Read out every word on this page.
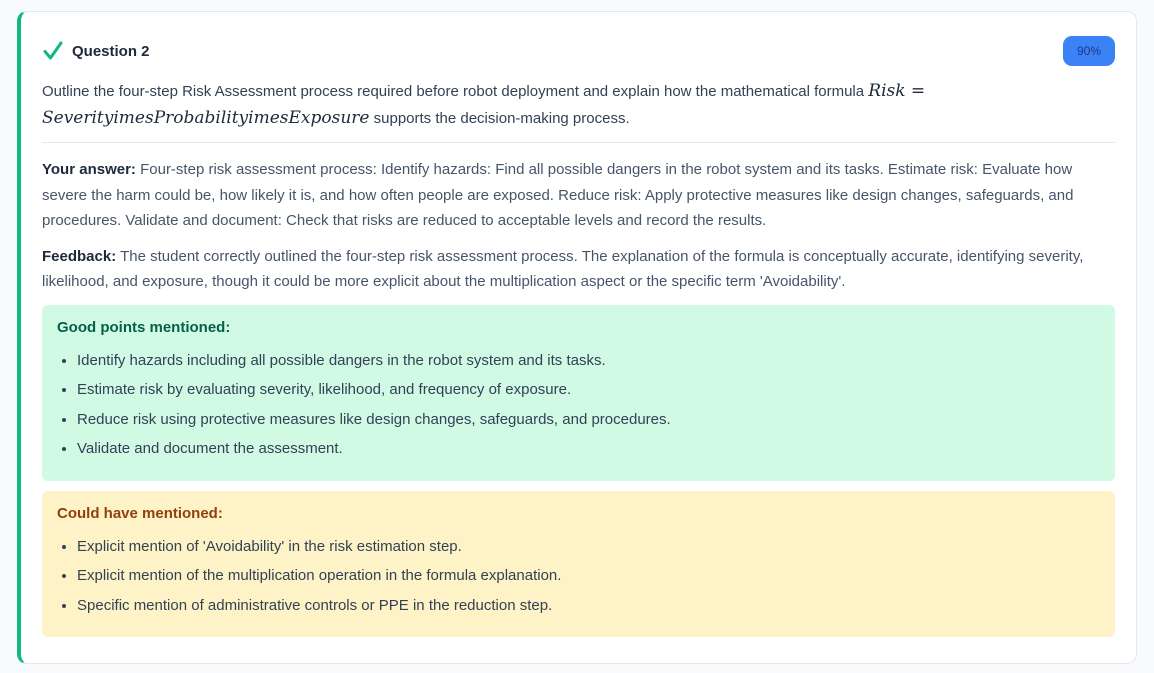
Question 2	90%
Outline the four-step Risk Assessment process required before robot deployment and explain how the mathematical formula Risk =
SeverityimesProbabilityimesExposure supports the decision-making process.

Your answer: Four-step risk assessment process: Identify hazards: Find all possible dangers in the robot system and its tasks. Estimate risk: Evaluate how severe the harm could be, how likely it is, and how often people are exposed. Reduce risk: Apply protective measures like design changes, safeguards, and procedures. Validate and document: Check that risks are reduced to acceptable levels and record the results.

Feedback: The student correctly outlined the four-step risk assessment process. The explanation of the formula is conceptually accurate, identifying severity, likelihood, and exposure, though it could be more explicit about the multiplication aspect or the specific term 'Avoidability'.

Good points mentioned:
• Identify hazards including all possible dangers in the robot system and its tasks.
• Estimate risk by evaluating severity, likelihood, and frequency of exposure.
• Reduce risk using protective measures like design changes, safeguards, and procedures.
• Validate and document the assessment.
Could have mentioned:
• Explicit mention of 'Avoidability' in the risk estimation step.
• Explicit mention of the multiplication operation in the formula explanation.
• Specific mention of administrative controls or PPE in the reduction step.
